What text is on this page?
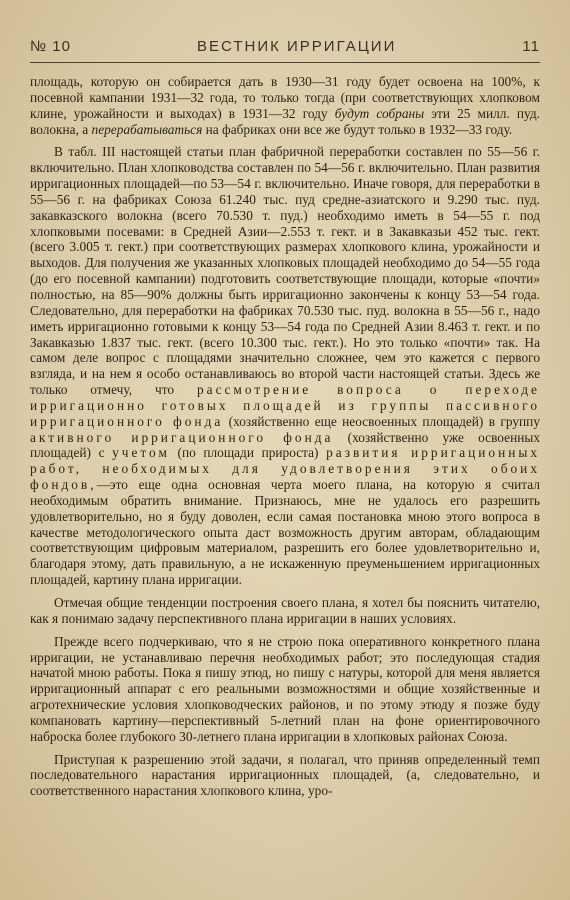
№ 10	ВЕСТНИК ИРРИГАЦИИ	11

площадь, которую он собирается дать в 1930—31 году будет освоена на 100%, к посевной кампании 1931—32 года, то только тогда (при соответствующих хлопковом клине, урожайности и выходах) в 1931—32 году будут собраны эти 25 милл. пуд. волокна, а перерабатываться на фабриках они все же будут только в 1932—33 году.

В табл. III настоящей статьи план фабричной переработки составлен по 55—56 г. включительно. План хлопководства составлен по 54—56 г. включительно. План развития ирригационных площадей—по 53—54 г. включительно. Иначе говоря, для переработки в 55—56 г. на фабриках Союза 61.240 тыс. пуд средне-азиатского и 9.290 тыс. пуд. закавказского волокна (всего 70.530 т. пуд.) необходимо иметь в 54—55 г. под хлопковыми посевами: в Средней Азии—2.553 т. гект. и в Закавказьи 452 тыс. гект. (всего 3.005 т. гект.) при соответствующих размерах хлопкового клина, урожайности и выходов. Для получения же указанных хлопковых площадей необходимо до 54—55 года (до его посевной кампании) подготовить соответствующие площади, которые «почти» полностью, на 85—90% должны быть ирригационно закончены к концу 53—54 года. Следовательно, для переработки на фабриках 70.530 тыс. пуд. волокна в 55—56 г., надо иметь ирригационно готовыми к концу 53—54 года по Средней Азии 8.463 т. гект. и по Закавказью 1.837 тыс. гект. (всего 10.300 тыс. гект.). Но это только «почти» так. На самом деле вопрос с площадями значительно сложнее, чем это кажется с первого взгляда, и на нем я особо останавливаюсь во второй части настоящей статьи. Здесь же только отмечу, что рассмотрение вопроса о переходе ирригационно готовых площадей из группы пассивного ирригационного фонда (хозяйственно еще неосвоенных площадей) в группу активного ирригационного фонда (хозяйственно уже освоенных площадей) с учетом (по площади прироста) развития ирригационных работ, необходимых для удовлетворения этих обоих фондов,—это еще одна основная черта моего плана, на которую я считал необходимым обратить внимание. Признаюсь, мне не удалось его разрешить удовлетворительно, но я буду доволен, если самая постановка мною этого вопроса в качестве методологического опыта даст возможность другим авторам, обладающим соответствующим цифровым материалом, разрешить его более удовлетворительно и, благодаря этому, дать правильную, а не искаженную преуменьшением ирригационных площадей, картину плана ирригации.

Отмечая общие тенденции построения своего плана, я хотел бы пояснить читателю, как я понимаю задачу перспективного плана ирригации в наших условиях.

Прежде всего подчеркиваю, что я не строю пока оперативного конкретного плана ирригации, не устанавливаю перечня необходимых работ; это последующая стадия начатой мною работы. Пока я пишу этюд, но пишу с натуры, которой для меня является ирригационный аппарат с его реальными возможностями и общие хозяйственные и агротехнические условия хлопководческих районов, и по этому этюду я позже буду компановать картину—перспективный 5-летний план на фоне ориентировочного наброска более глубокого 30-летнего плана ирригации в хлопковых районах Союза.

Приступая к разрешению этой задачи, я полагал, что приняв определенный темп последовательного нарастания ирригационных площадей, (а, следовательно, и соответственного нарастания хлопкового клина, уро-
